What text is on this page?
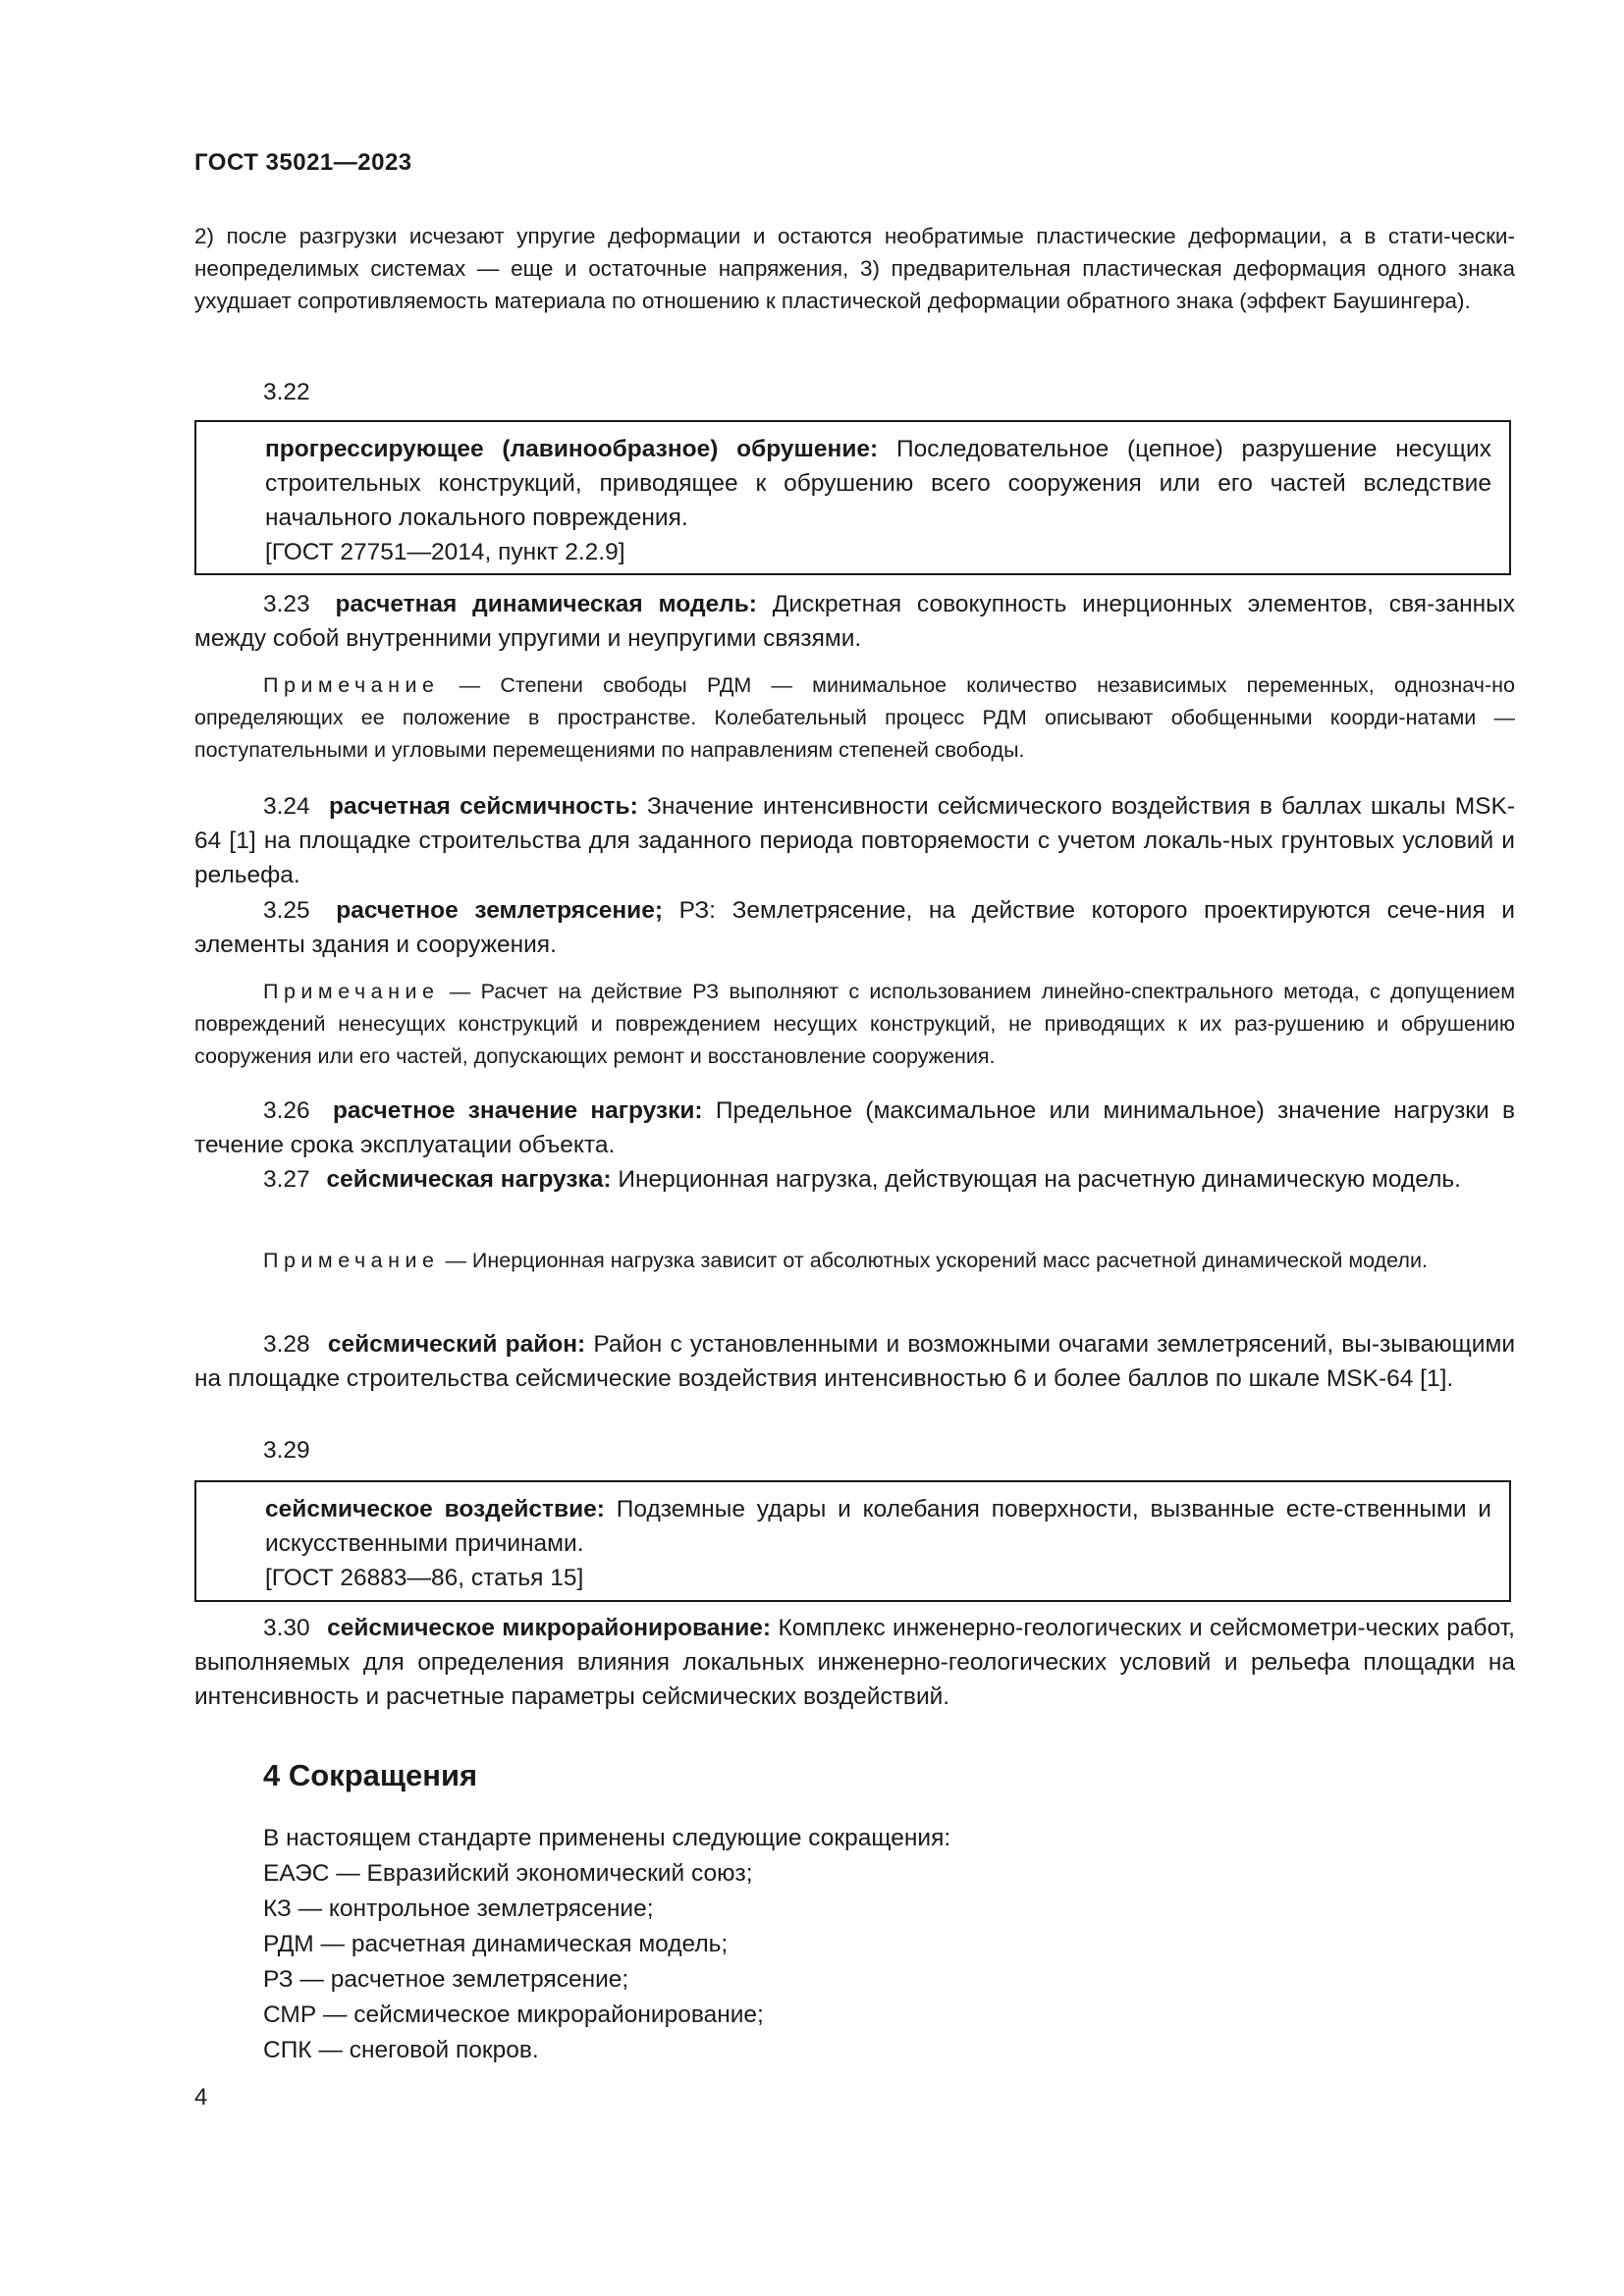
ГОСТ 35021—2023
2) после разгрузки исчезают упругие деформации и остаются необратимые пластические деформации, а в стати-чески-неопределимых системах — еще и остаточные напряжения, 3) предварительная пластическая деформация одного знака ухудшает сопротивляемость материала по отношению к пластической деформации обратного знака (эффект Баушингера).
3.22
прогрессирующее (лавинообразное) обрушение: Последовательное (цепное) разрушение несущих строительных конструкций, приводящее к обрушению всего сооружения или его частей вследствие начального локального повреждения.
[ГОСТ 27751—2014, пункт 2.2.9]
3.23 расчетная динамическая модель: Дискретная совокупность инерционных элементов, свя-занных между собой внутренними упругими и неупругими связями.
Примечание — Степени свободы РДМ — минимальное количество независимых переменных, однознач-но определяющих ее положение в пространстве. Колебательный процесс РДМ описывают обобщенными коорди-натами — поступательными и угловыми перемещениями по направлениям степеней свободы.
3.24 расчетная сейсмичность: Значение интенсивности сейсмического воздействия в баллах шкалы MSK-64 [1] на площадке строительства для заданного периода повторяемости с учетом локаль-ных грунтовых условий и рельефа.
3.25 расчетное землетрясение; РЗ: Землетрясение, на действие которого проектируются сече-ния и элементы здания и сооружения.
Примечание — Расчет на действие РЗ выполняют с использованием линейно-спектрального метода, с допущением повреждений ненесущих конструкций и повреждением несущих конструкций, не приводящих к их раз-рушению и обрушению сооружения или его частей, допускающих ремонт и восстановление сооружения.
3.26 расчетное значение нагрузки: Предельное (максимальное или минимальное) значение нагрузки в течение срока эксплуатации объекта.
3.27 сейсмическая нагрузка: Инерционная нагрузка, действующая на расчетную динамическую модель.
Примечание — Инерционная нагрузка зависит от абсолютных ускорений масс расчетной динамической модели.
3.28 сейсмический район: Район с установленными и возможными очагами землетрясений, вы-зывающими на площадке строительства сейсмические воздействия интенсивностью 6 и более баллов по шкале MSK-64 [1].
3.29
сейсмическое воздействие: Подземные удары и колебания поверхности, вызванные есте-ственными и искусственными причинами.
[ГОСТ 26883—86, статья 15]
3.30 сейсмическое микрорайонирование: Комплекс инженерно-геологических и сейсмометри-ческих работ, выполняемых для определения влияния локальных инженерно-геологических условий и рельефа площадки на интенсивность и расчетные параметры сейсмических воздействий.
4 Сокращения
В настоящем стандарте применены следующие сокращения:
ЕАЭС — Евразийский экономический союз;
КЗ — контрольное землетрясение;
РДМ — расчетная динамическая модель;
РЗ — расчетное землетрясение;
СМР — сейсмическое микрорайонирование;
СПК — снеговой покров.
4
